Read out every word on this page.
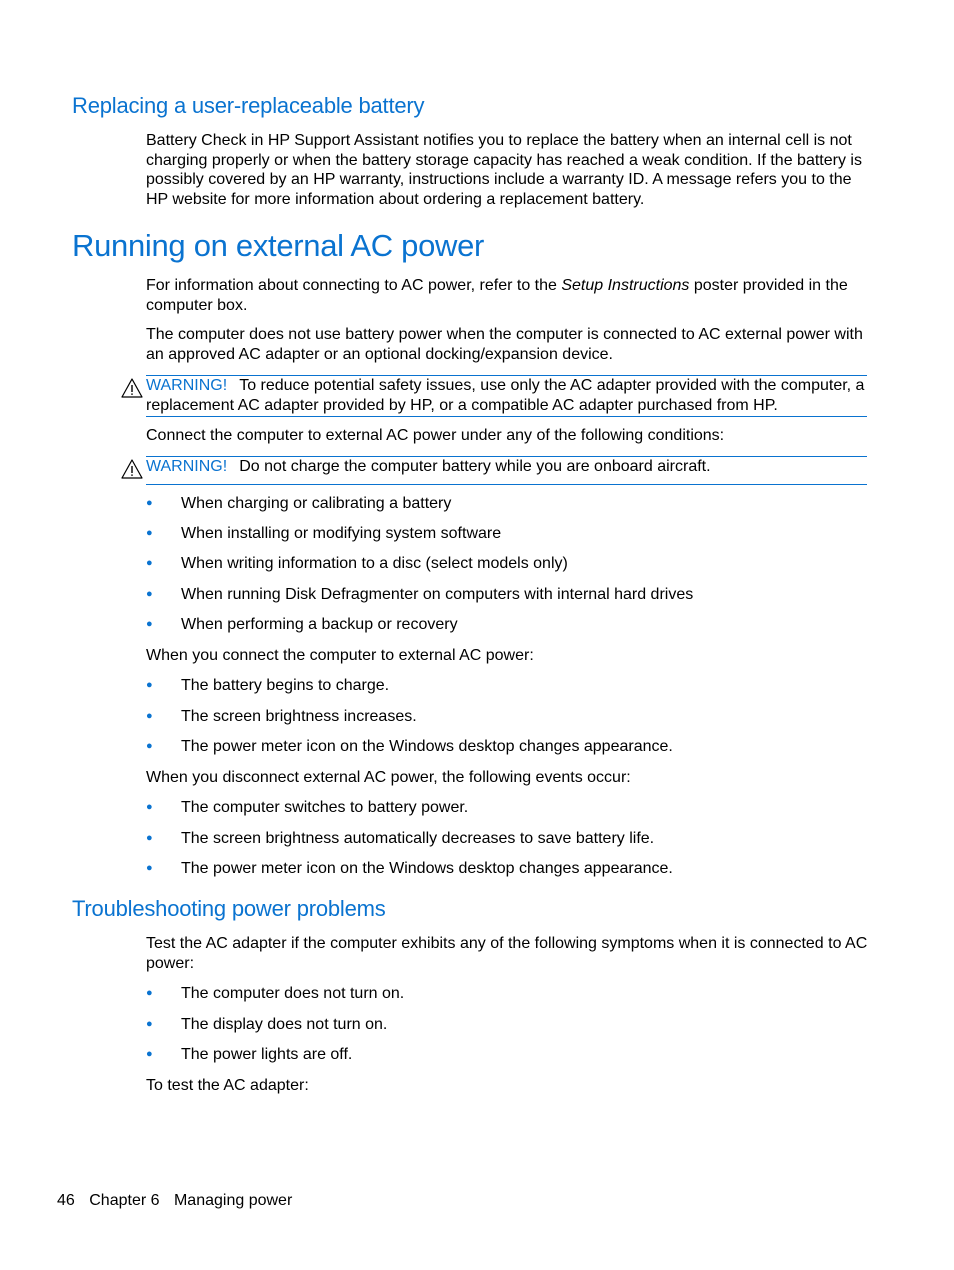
Replacing a user-replaceable battery

Battery Check in HP Support Assistant notifies you to replace the battery when an internal cell is not charging properly or when the battery storage capacity has reached a weak condition. If the battery is possibly covered by an HP warranty, instructions include a warranty ID. A message refers you to the HP website for more information about ordering a replacement battery.

Running on external AC power

For information about connecting to AC power, refer to the Setup Instructions poster provided in the computer box.

The computer does not use battery power when the computer is connected to AC external power with an approved AC adapter or an optional docking/expansion device.

WARNING! To reduce potential safety issues, use only the AC adapter provided with the computer, a replacement AC adapter provided by HP, or a compatible AC adapter purchased from HP.

Connect the computer to external AC power under any of the following conditions:

WARNING! Do not charge the computer battery while you are onboard aircraft.

● When charging or calibrating a battery
● When installing or modifying system software
● When writing information to a disc (select models only)
● When running Disk Defragmenter on computers with internal hard drives
● When performing a backup or recovery

When you connect the computer to external AC power:

● The battery begins to charge.
● The screen brightness increases.
● The power meter icon on the Windows desktop changes appearance.

When you disconnect external AC power, the following events occur:

● The computer switches to battery power.
● The screen brightness automatically decreases to save battery life.
● The power meter icon on the Windows desktop changes appearance.
Troubleshooting power problems

Test the AC adapter if the computer exhibits any of the following symptoms when it is connected to AC power:

● The computer does not turn on.
● The display does not turn on.
● The power lights are off.

To test the AC adapter:

46 Chapter 6 Managing power
